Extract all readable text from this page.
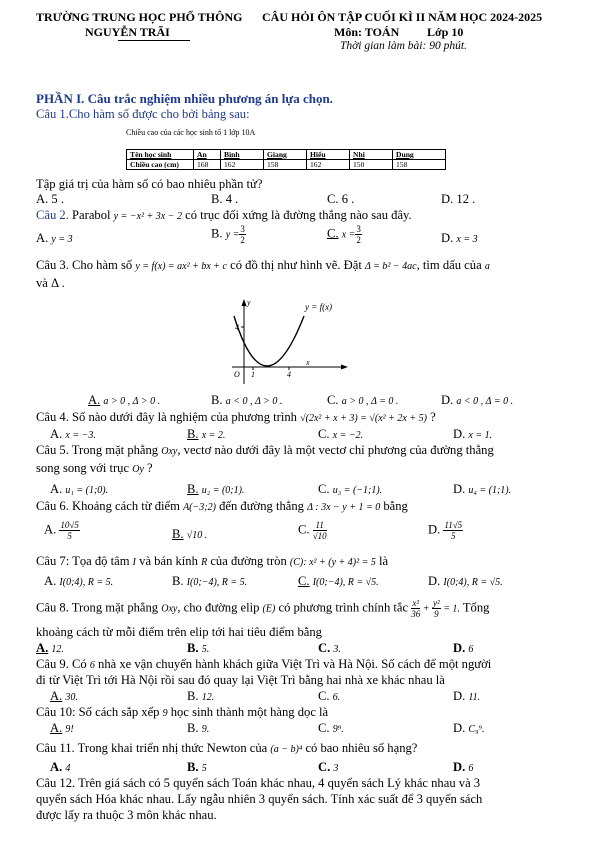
TRƯỜNG TRUNG HỌC PHỔ THÔNG
NGUYỄN TRÃI
CÂU HỎI ÔN TẬP CUỐI KÌ II NĂM HỌC 2024-2025
Môn: TOÁN Lớp 10
Thời gian làm bài: 90 phút.
PHẦN I. Câu trắc nghiệm nhiều phương án lựa chọn.
Câu 1.Cho hàm số được cho bởi bảng sau:
Chiều cao của các học sinh tổ 1 lớp 10A
Tên học sinh	An	Bình	Giang	Hiếu	Nhi	Dung
Chiều cao (cm)	168	162	158	162	150	158
Tập giá trị của hàm số có bao nhiêu phần tử?
A. 5 .	B. 4 .	C. 6 .	D. 12 .
Câu 2. Parabol y = −x² + 3x − 2 có trục đối xứng là đường thẳng nào sau đây.
A. y = 3	B. $y = \frac{3}{2}$	C. $x = \frac{3}{2}$	D. x = 3
Câu 3. Cho hàm số y = f(x) = ax² + bx + c có đồ thị như hình vẽ. Đặt Δ = b² − 4ac, tìm dấu của a
và Δ .
y = f(x)
y
x
O 1	4
4
A. a > 0 , Δ > 0 .	B. a < 0 , Δ > 0 .	C. a > 0 , Δ = 0 .	D. a < 0 , Δ = 0 .
Câu 4. Số nào dưới đây là nghiệm của phương trình √(2x² + x + 3) = √(x² + 2x + 5) ?
A. x = −3.	B. x = 2.	C. x = −2.	D. x = 1.
Câu 5. Trong mặt phẳng Oxy, vectơ nào dưới đây là một vectơ chỉ phương của đường thẳng
song song với trục Oy ?
A. u₁ = (1;0).	B. u₂ = (0;1).	C. u₃ = (−1;1).	D. u₄ = (1;1).
Câu 6. Khoảng cách từ điểm A(−3;2) đến đường thẳng Δ : 3x − y + 1 = 0 bằng
A. $\frac{10√5}{5}$	B. √10 .	C. $\frac{11}{√10}$	D. $\frac{11√5}{5}$
Câu 7: Tọa độ tâm I và bán kính R của đường tròn (C): x² + (y + 4)² = 5 là
A. I(0;4), R = 5.	B. I(0;−4), R = 5.	C. I(0;−4), R = √5.	D. I(0;4), R = √5.
Câu 8. Trong mặt phẳng Oxy, cho đường elip (E) có phương trình chính tắc $\frac{\text{x²}}{36} + \frac{\text{y²}}{9} = 1$. Tổng
khoảng cách từ mỗi điểm trên elip tới hai tiêu điểm bằng
A. 12.	B. 5.	C. 3.	D. 6
Câu 9. Có 6 nhà xe vận chuyển hành khách giữa Việt Trì và Hà Nội. Số cách để một người
đi từ Việt Trì tới Hà Nội rồi sau đó quay lại Việt Trì bằng hai nhà xe khác nhau là
A. 30.	B. 12.	C. 6.	D. 11.
Câu 10: Số cách sắp xếp 9 học sinh thành một hàng dọc là
A. 9!	B. 9.	C. 9⁹.	D. C₉⁹.
Câu 11. Trong khai triển nhị thức Newton của (a − b)⁴ có bao nhiêu số hạng?
A. 4	B. 5	C. 3	D. 6
Câu 12. Trên giá sách có 5 quyển sách Toán khác nhau, 4 quyển sách Lý khác nhau và 3
quyển sách Hóa khác nhau. Lấy ngẫu nhiên 3 quyển sách. Tính xác suất để 3 quyển sách
được lấy ra thuộc 3 môn khác nhau.
